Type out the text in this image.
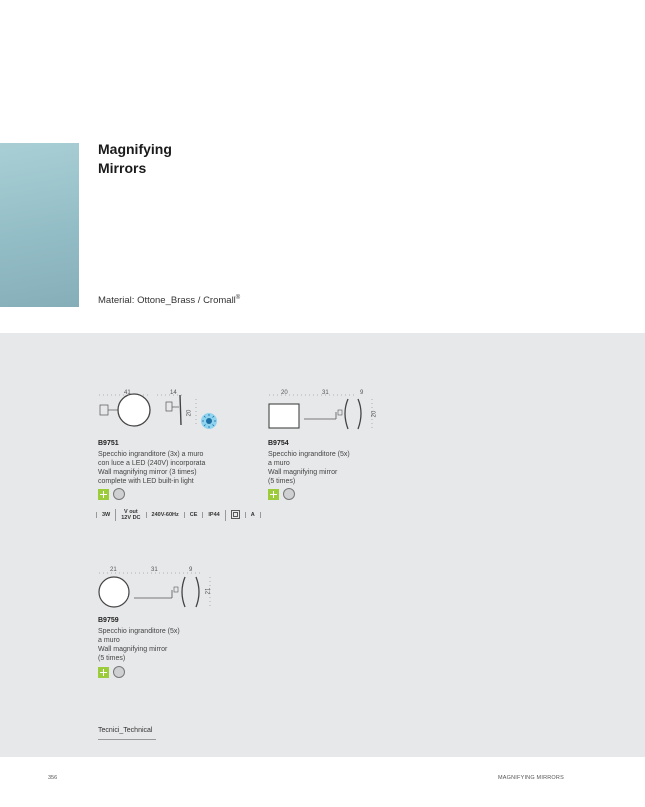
Magnifying
Mirrors
Material: Ottone_Brass / Cromall®
41	14
20
B9751
Specchio ingranditore (3x) a muro
con luce a LED (240V) incorporata
Wall magnifying mirror (3 times)
complete with LED built-in light
3W	V out
12V DC	240V-60Hz	CE	IP44	A
20	31	9
20
B9754
Specchio ingranditore (5x)
a muro
Wall magnifying mirror
(5 times)
21	31	9
21
B9759
Specchio ingranditore (5x)
a muro
Wall magnifying mirror
(5 times)
Tecnici_Technical
356	MAGNIFYING MIRRORS
